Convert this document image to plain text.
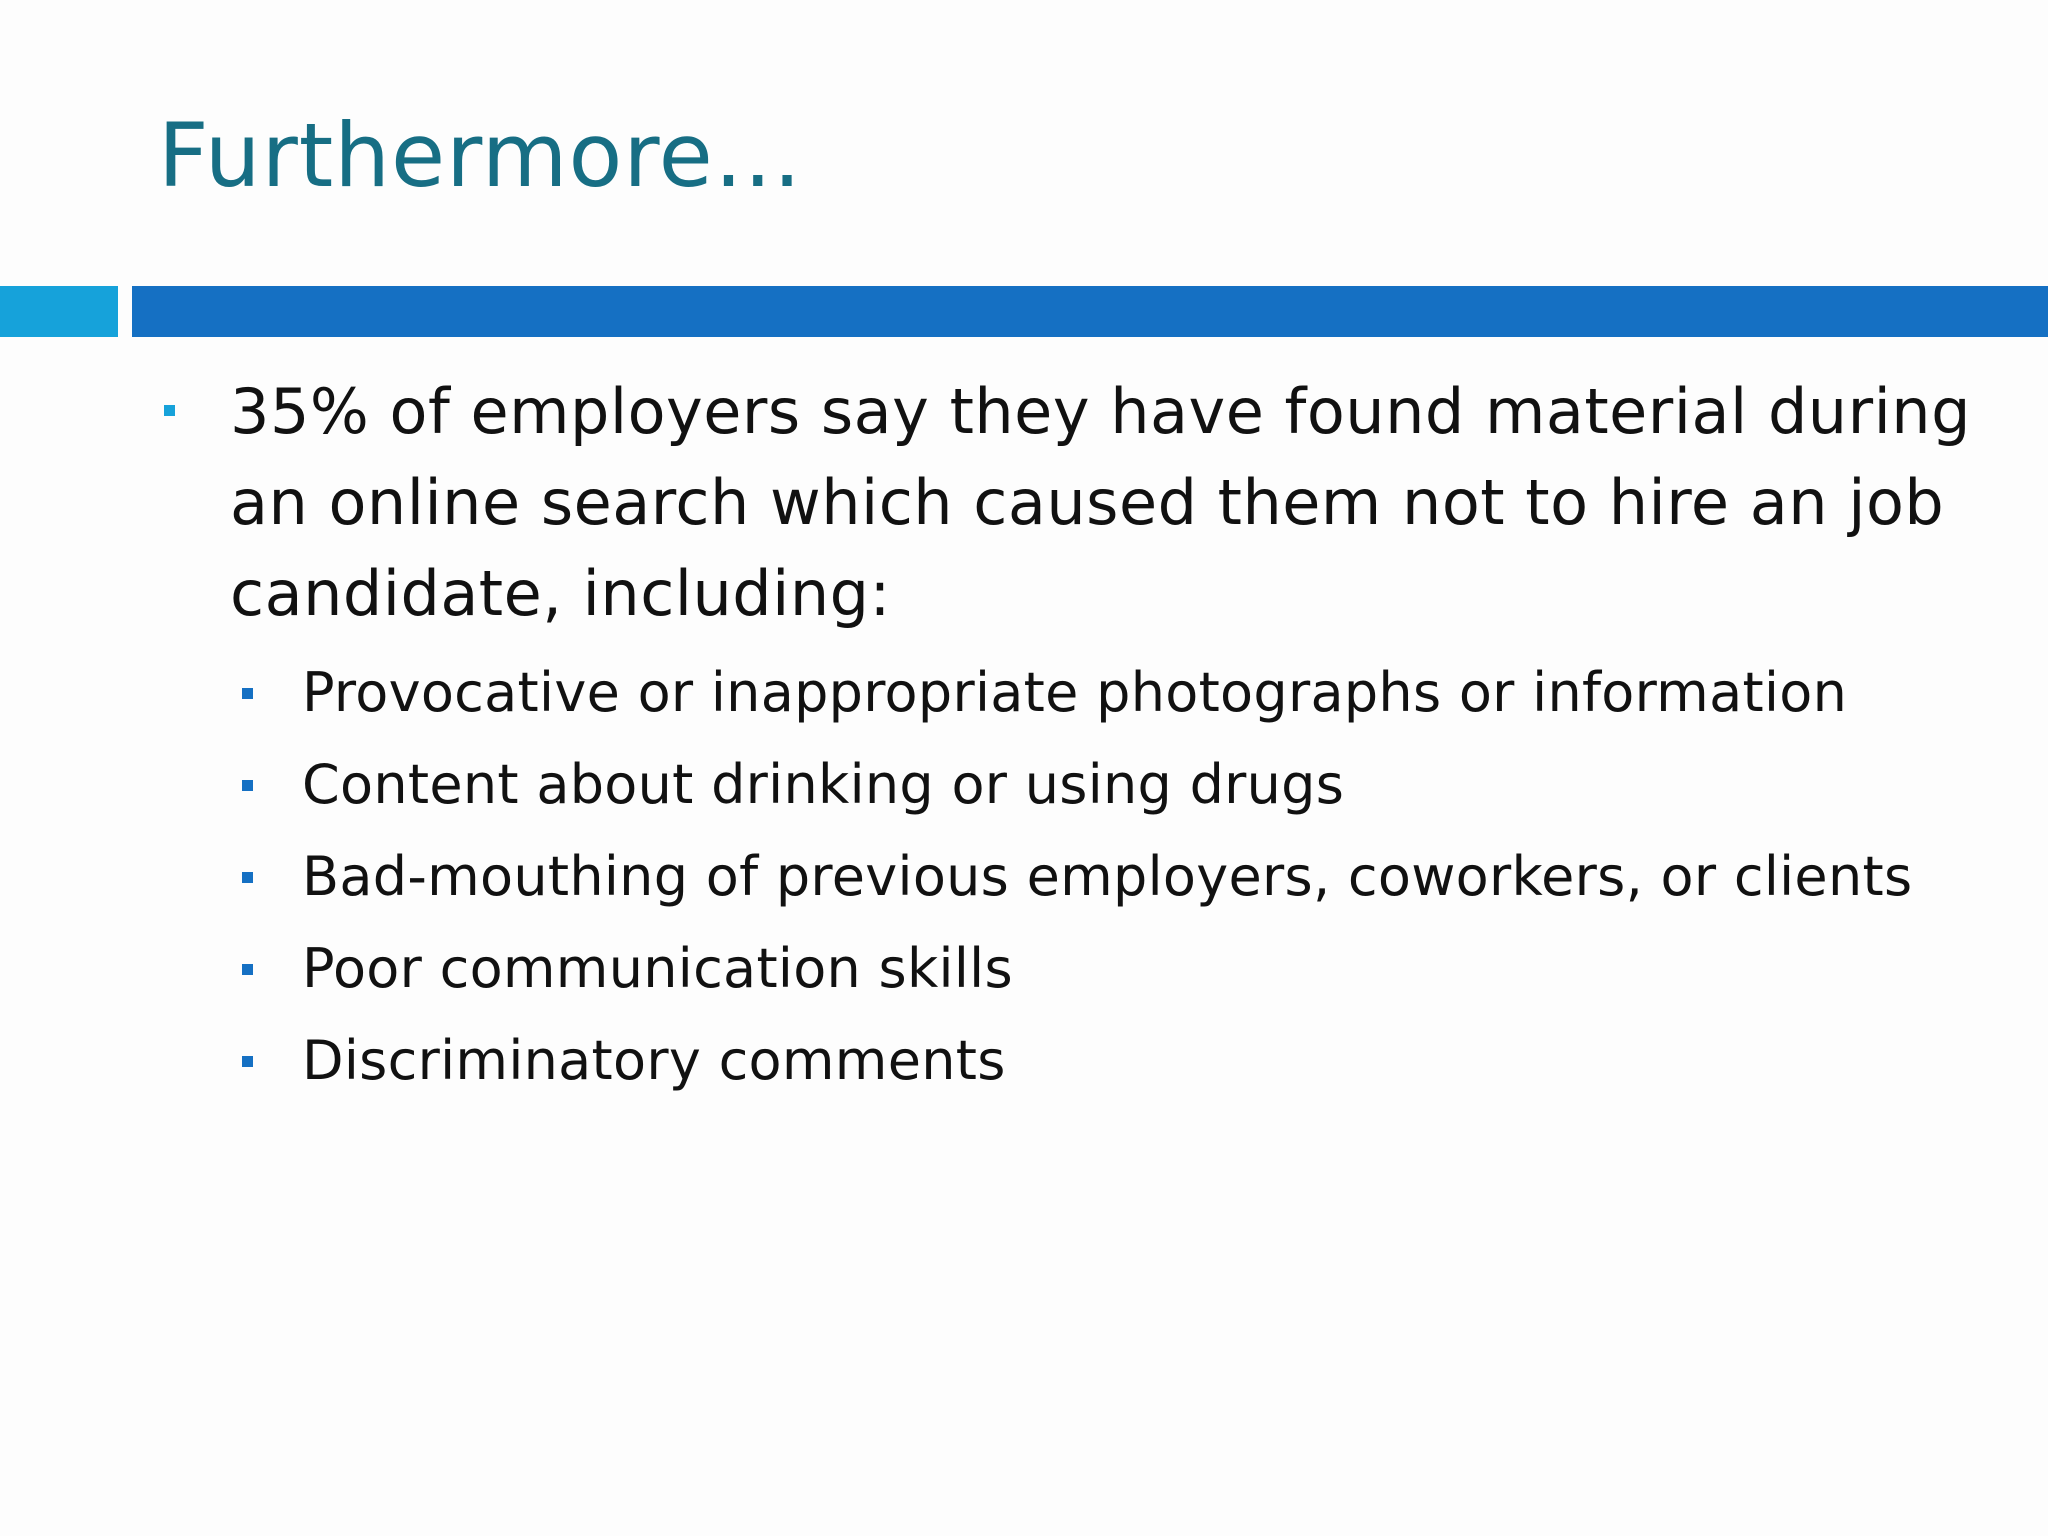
Furthermore…
35% of employers say they have found material during an online search which caused them not to hire an job candidate, including:
Provocative or inappropriate photographs or information
Content about drinking or using drugs
Bad-mouthing of previous employers, coworkers, or clients
Poor communication skills
Discriminatory comments
